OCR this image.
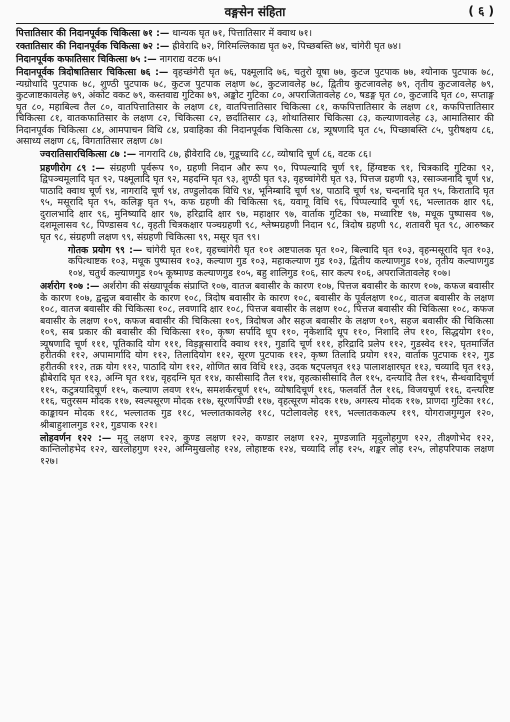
वङ्गसेन संहिता	( ६ )

पित्तातिसार की निदानपूर्वक चिकित्सा ७१ :— धान्यक घृत ७१, पित्तातिसार में क्वाथ ७१।

रक्तातिसार की निदानपूर्वक चिकित्सा ७२ :— ह्रीवेरादि ७२, गिरिमल्लिकाद्य घृत ७२, पिच्छबस्ति ७४, चांगेरी घृत ७४।

निदानपूर्वक कफातिसार चिकित्सा ७५ :— नागराद्य वटक ७५।

निदानपूर्वक त्रिदोषातिसार चिकित्सा ७६ :— वृहच्छंगेरी घृत ७६, पक्ष्मूलादि ७६, चतुरो यूषा ७७, कुटज पुटपाक ७७, श्योनाक पुटपाक ७८, न्यग्रोधादि पुटपाक ७८, शुण्ठी पुटपाक ७८, कुटज पुटपाक लक्षण ७८, कुटजावलेह ७८, द्वितीय कुटजावलेह ७९, तृतीय कुटजावलेह ७९, कुटजाष्टकावलेह ७९, अंकोट वकट ७९, कस्तवाद्य गुटिका ७९, अङ्कोट गुटिका ८०, अपराजितावलेह ८०, षडङ्ग घृत ८०, कुटजादि घृत ८०, सप्ताङ्ग घृत ८०, महाबिल्व तैल ८०, वातपित्तातिसार के लक्षण ८१, वातपित्तातिसार चिकित्सा ८१, कफपित्तातिसार के लक्षण ८१, कफपित्तातिसार चिकित्सा ८१, वातकफातिसार के लक्षण ८२, चिकित्सा ८२, छर्दातिसार ८३, शोथातिसार चिकित्सा ८३, कल्याणावलेह ८३, आमातिसार की निदानपूर्वक चिकित्सा ८४, आमपाचन विधि ८४, प्रवाहिका की निदानपूर्वक चिकित्सा ८४, त्र्यूषणादि घृत ८५, पिच्छाबस्ति ८५, पुरीषक्षय ८६, असाध्य लक्षण ८६, विगतातिसार लक्षण ८७।

ज्वरातिसारचिकित्सा ८७ :— नागरादि ८७, ह्रीवेरादि ८७, गुडूच्यादि ८८, व्योषादि चूर्ण ८६, वटक ८६।

प्रहणीरोग ८९ :— संग्रहणी पूर्वरूप ९०, ग्रहणी निदान और रूप ९०, पिप्पल्यादि चूर्ण ९१, हिंग्वष्टक ९१, चित्रकादि गुटिका ९२, द्विपञ्चमूलादि घृत ९२, पक्ष्मूलादि घृत ९२, महदग्नि घृत ९३, शुण्ठी घृत ९३, वृहच्चांगेरी घृत ९३, पित्तज ग्रहणी ९३, रसाञ्जनादि चूर्ण ९४, पाठादि क्वाथ चूर्ण ९४, नागरादि चूर्ण ९४, तण्डुलोदक विधि ९४, भूनिम्बादि चूर्ण ९४, पाठादि चूर्ण ९४, चन्दनादि घृत ९५, किरातादि घृत ९५, मसूरादि घृत ९५, कलिङ्ग घृत ९५, कफ ग्रहणी की चिकित्सा ९६, यवागू विधि ९६, पिप्पल्यादि चूर्ण ९६, भल्लातक क्षार ९६, दुरालभादि क्षार ९६, मुनिष्यादि क्षार ९७, हरिद्रादि क्षार ९७, महाक्षार ९७, वार्ताक गुटिका ९७, मध्वारिष्ट ९७, मधूक पुष्पासव ९७, दशमूलासव ९८, पिण्डासव ९८, वृहती चित्रकक्षार पञ्चग्रहणी ९८, श्लेष्मग्रहणी निदान ९८, त्रिदोष ग्रहणी ९८, शतावरी घृत ९८, आरुष्कर घृत ९८, संग्रहणी लक्षण ९९, संग्रहणी चिकित्सा ९९, मसूर घृत ९९।

गोतक प्रयोग ९९ :— चांगेरी घृत १०१, वृहच्चांगेरी घृत १०१ अष्टपालक घृत १०२, बिल्वादि घृत १०३, वृहन्मसूरादि घृत १०३, कपित्थाष्टक १०३, मधूक पुष्पासव १०३, कल्याण गुड १०३, महाकल्याण गुड १०३, द्वितीय कल्याणगुड १०४, तृतीय कल्याणगुड १०४, चतुर्थ कल्याणगुड १०५ कूष्माण्ड कल्याणगुड १०५, बहु शालिगुड १०६, सार कल्प १०६, अपराजितावलेह १०७।

अर्शरोग १०७ :— अर्शरोग की संख्यापूर्वक संप्राप्ति १०७, वातज बवासीर के कारण १०७, पित्तज बवासीर के कारण १०७, कफज बवासीर के कारण १०७, द्वन्द्वज बवासीर के कारण १०८, त्रिदोष बवासीर के कारण १०८, बवासीर के पूर्वलक्षण १०८, वातज बवासीर के लक्षण १०८, वातज बवासीर की चिकित्सा १०८, लवणादि क्षार १०८, पित्तज बवासीर के लक्षण १०८, पित्तज बवासीर की चिकित्सा १०८, कफज बवासीर के लक्षण १०९, कफज बवासीर की चिकित्सा १०९, त्रिदोषज और सहज बवासीर के लक्षण १०९, सहज बवासीर की चिकित्सा १०९, सब प्रकार की बवासीर की चिकित्सा ११०, कृष्ण सर्पादि धूप ११०, नृकेशादि धूप ११०, निशादि लेप ११०, सिद्धयोग ११०, त्र्यूषणादि चूर्ण १११, पूतिकादि योग १११, विड़ङ्गसारादि क्वाथ १११, गुडादि चूर्ण १११, हरिद्रादि प्रलेप ११२, गुडस्वेद ११२, घृतमार्जित हरीतकी ११२, अपामार्गादि योग ११२, तिलादियोग ११२, सूरण पुटपाक ११२, कृष्ण तिलादि प्रयोग ११२, वार्ताक पुटपाक ११२, गुड हरीतकी ११२, तक्र योग ११२, पाठादि योग ११२, शोणित स्राव विधि ११३, उदक षट्पलघृत ११३ पालाशक्षारघृत ११३, चव्यादि घृत ११३, ह्रीबेरादि घृत ११३, अग्नि घृत ११४, वृहदग्नि घृत ११४, कासीसादि तैल ११४, वृहत्कासीसादि तैल ११५, दन्त्यादि तैल ११५, सैन्धवादिचूर्ण ११५, कटुत्रयादिचूर्ण ११५, कल्याण लवण ११५, समशर्करचूर्ण ११५, व्योषादिचूर्ण ११६, फलवर्ति तैल ११६, विजयचूर्ण ११६, दन्त्यरिष्ट ११६, चतुरसम मोदक ११७, स्वल्पसूरण मोदक ११७, सूरणपिण्डी ११७, वृहत्सूरण मोदक ११७, अगस्त्य मोदक ११७, प्राणदा गुटिका ११८, काङ्कायन मोदक ११८, भल्लातक गुड ११८, भल्लातकावलेह ११८, पटोलावलेह ११९, भल्लातककल्प ११९, योगराजगुग्गुल १२०, श्रीबाहुशालगुड १२१, गुडपाक १२१।

लोहवर्णन १२२ :— मृदु लक्षण १२२, कुण्ड लक्षण १२२, कण्डार लक्षण १२२, मुण्डजाति मृदुलोहगुण १२२, तीक्ष्णोभेद १२२, कान्तिलोहभेद १२२, खरलोहगुण १२२, अग्निमुखलोह १२४, लोहाष्टक १२४, चव्यादि लोह १२५, शङ्कर लोह १२५, लोहपरिपाक लक्षण १२७।
